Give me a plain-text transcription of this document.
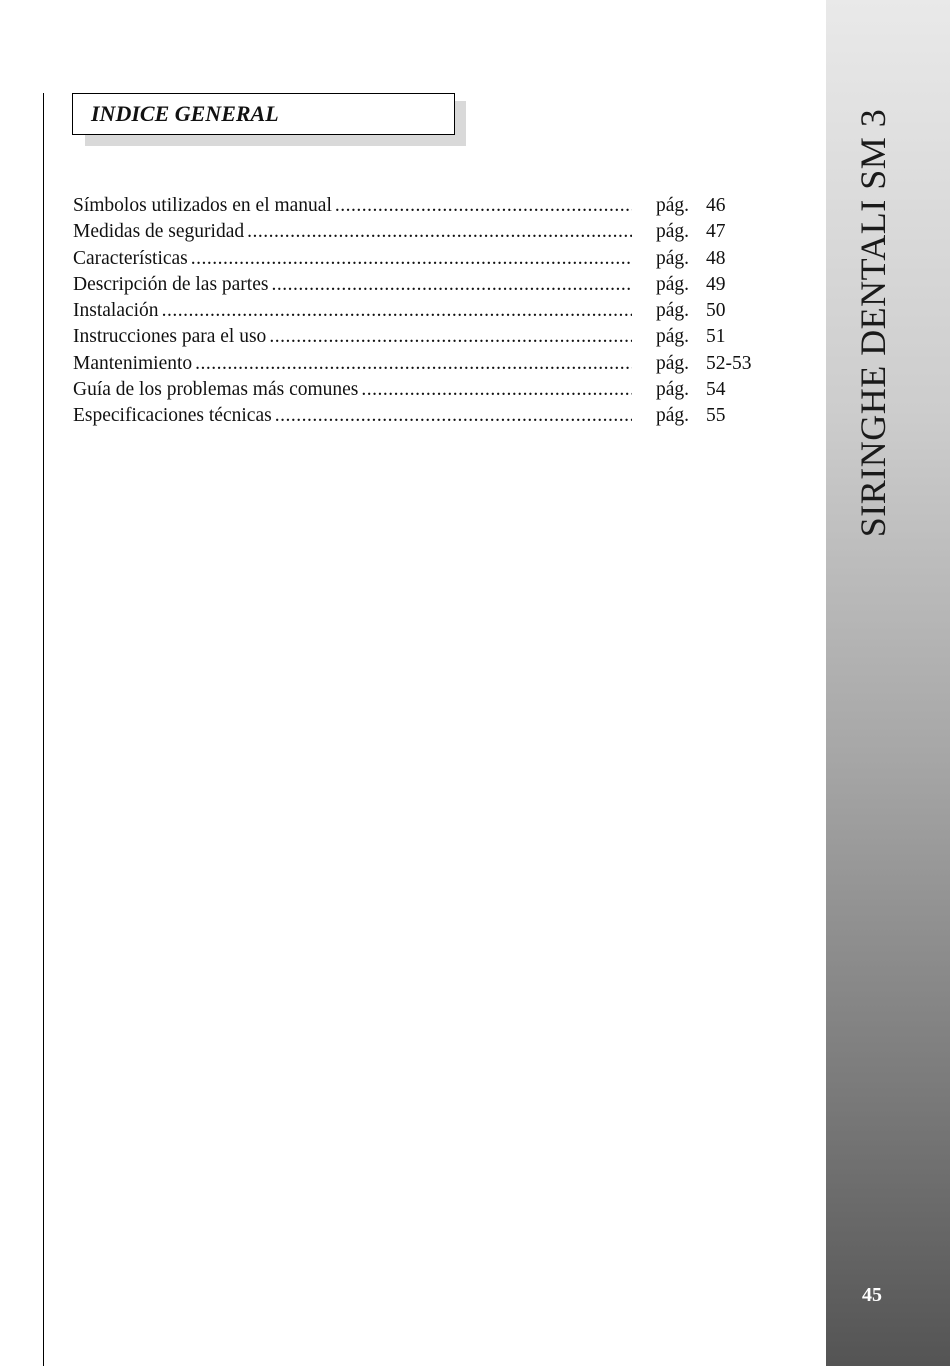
INDICE GENERAL
Símbolos utilizados en el manual .....	pág. 46
Medidas de seguridad .....	pág. 47
Características .....	pág. 48
Descripción de las partes .....	pág. 49
Instalación .....	pág. 50
Instrucciones para el uso .....	pág. 51
Mantenimiento .....	pág. 52-53
Guía de los problemas más comunes .....	pág. 54
Especificaciones técnicas .....	pág. 55	SIRINGHE DENTALI SM 3
45
